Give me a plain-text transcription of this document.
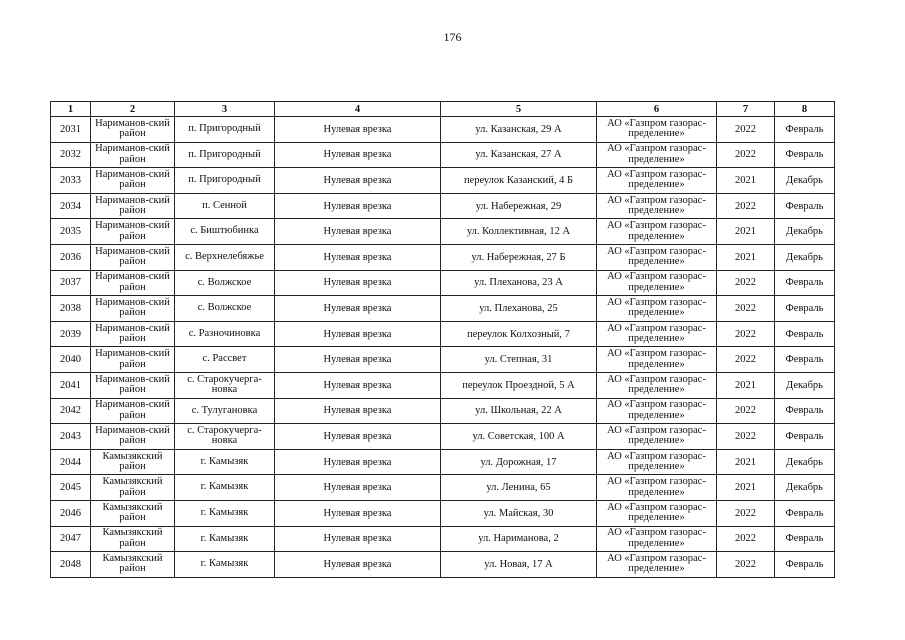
176
1	2	3	4	5	6	7	8
2031	Нариманов-ский район	п. Пригородный	Нулевая врезка	ул. Казанская, 29 А	АО «Газпром газорас-пределение»	2022	Февраль
2032	Нариманов-ский район	п. Пригородный	Нулевая врезка	ул. Казанская, 27 А	АО «Газпром газорас-пределение»	2022	Февраль
2033	Нариманов-ский район	п. Пригородный	Нулевая врезка	переулок Казанский, 4 Б	АО «Газпром газорас-пределение»	2021	Декабрь
2034	Нариманов-ский район	п. Сенной	Нулевая врезка	ул. Набережная, 29	АО «Газпром газорас-пределение»	2022	Февраль
2035	Нариманов-ский район	с. Биштюбинка	Нулевая врезка	ул. Коллективная, 12 А	АО «Газпром газорас-пределение»	2021	Декабрь
2036	Нариманов-ский район	с. Верхнелебяжье	Нулевая врезка	ул. Набережная, 27 Б	АО «Газпром газорас-пределение»	2021	Декабрь
2037	Нариманов-ский район	с. Волжское	Нулевая врезка	ул. Плеханова, 23 А	АО «Газпром газорас-пределение»	2022	Февраль
2038	Нариманов-ский район	с. Волжское	Нулевая врезка	ул. Плеханова, 25	АО «Газпром газорас-пределение»	2022	Февраль
2039	Нариманов-ский район	с. Разночиновка	Нулевая врезка	переулок Колхозный, 7	АО «Газпром газорас-пределение»	2022	Февраль
2040	Нариманов-ский район	с. Рассвет	Нулевая врезка	ул. Степная, 31	АО «Газпром газорас-пределение»	2022	Февраль
2041	Нариманов-ский район	с. Старокучерга-новка	Нулевая врезка	переулок Проездной, 5 А	АО «Газпром газорас-пределение»	2021	Декабрь
2042	Нариманов-ский район	с. Тулугановка	Нулевая врезка	ул. Школьная, 22 А	АО «Газпром газорас-пределение»	2022	Февраль
2043	Нариманов-ский район	с. Старокучерга-новка	Нулевая врезка	ул. Советская, 100 А	АО «Газпром газорас-пределение»	2022	Февраль
2044	Камызякский район	г. Камызяк	Нулевая врезка	ул. Дорожная, 17	АО «Газпром газорас-пределение»	2021	Декабрь
2045	Камызякский район	г. Камызяк	Нулевая врезка	ул. Ленина, 65	АО «Газпром газорас-пределение»	2021	Декабрь
2046	Камызякский район	г. Камызяк	Нулевая врезка	ул. Майская, 30	АО «Газпром газорас-пределение»	2022	Февраль
2047	Камызякский район	г. Камызяк	Нулевая врезка	ул. Нариманова, 2	АО «Газпром газорас-пределение»	2022	Февраль
2048	Камызякский район	г. Камызяк	Нулевая врезка	ул. Новая, 17 А	АО «Газпром газорас-пределение»	2022	Февраль
